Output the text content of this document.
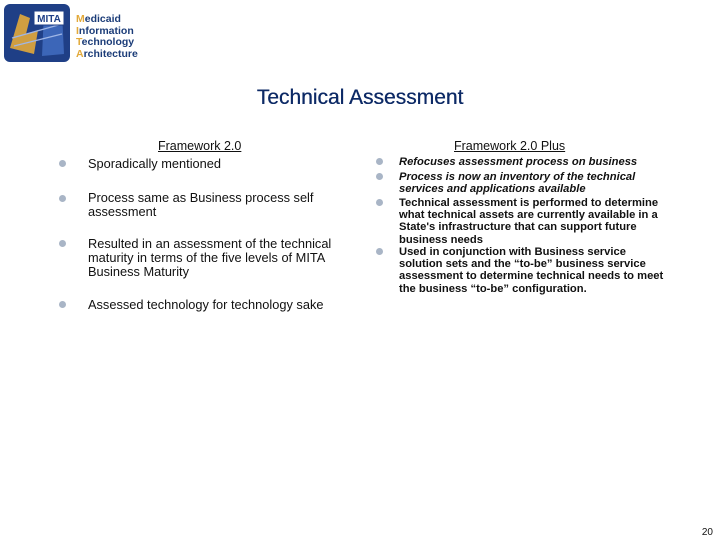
MITA Medicaid
Information
Technology
Architecture
Technical Assessment
Framework 2.0
Sporadically mentioned
Process same as Business process self assessment
Resulted in an assessment of the technical maturity in terms of the five levels of MITA Business Maturity
Assessed technology for technology sake
Framework 2.0 Plus
Refocuses assessment process on business
Process is now an inventory of the technical services and applications available
Technical assessment is performed to determine what technical assets are currently available in a State's infrastructure that can support future business needs
Used in conjunction with Business service solution sets and the “to-be” business service assessment to determine technical needs to meet the business “to-be” configuration.
20
